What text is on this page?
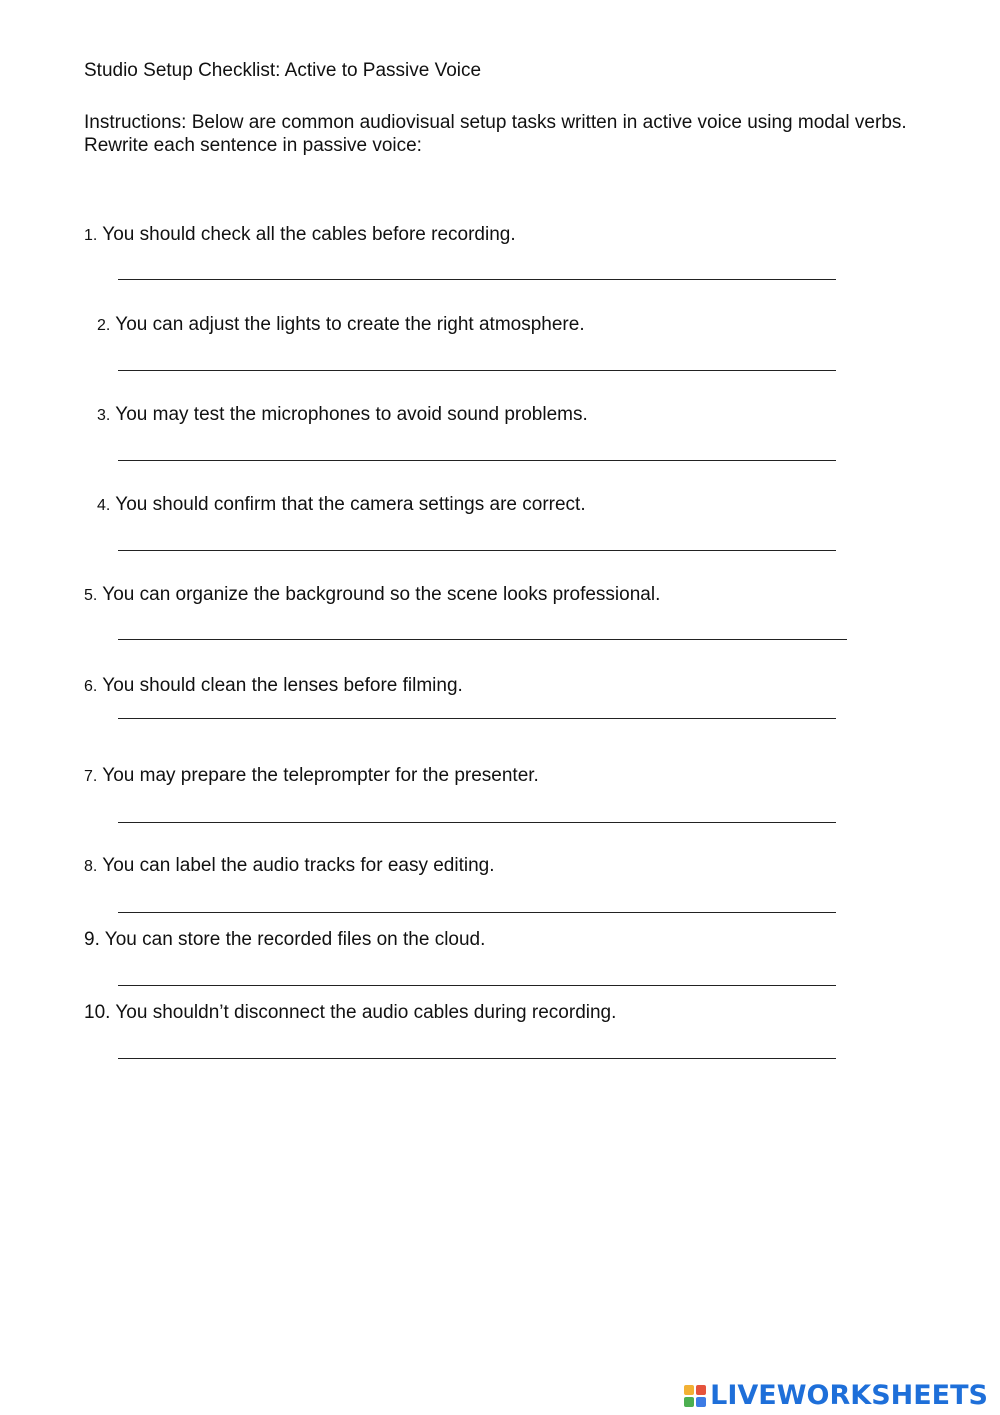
Studio Setup Checklist: Active to Passive Voice
Instructions: Below are common audiovisual setup tasks written in active voice using modal verbs. Rewrite each sentence in passive voice:
1. You should check all the cables before recording.
2. You can adjust the lights to create the right atmosphere.
3. You may test the microphones to avoid sound problems.
4. You should confirm that the camera settings are correct.
5. You can organize the background so the scene looks professional.
6. You should clean the lenses before filming.
7. You may prepare the teleprompter for the presenter.
8. You can label the audio tracks for easy editing.
9. You can store the recorded files on the cloud.
10. You shouldn’t disconnect the audio cables during recording.
LIVEWORKSHEETS
